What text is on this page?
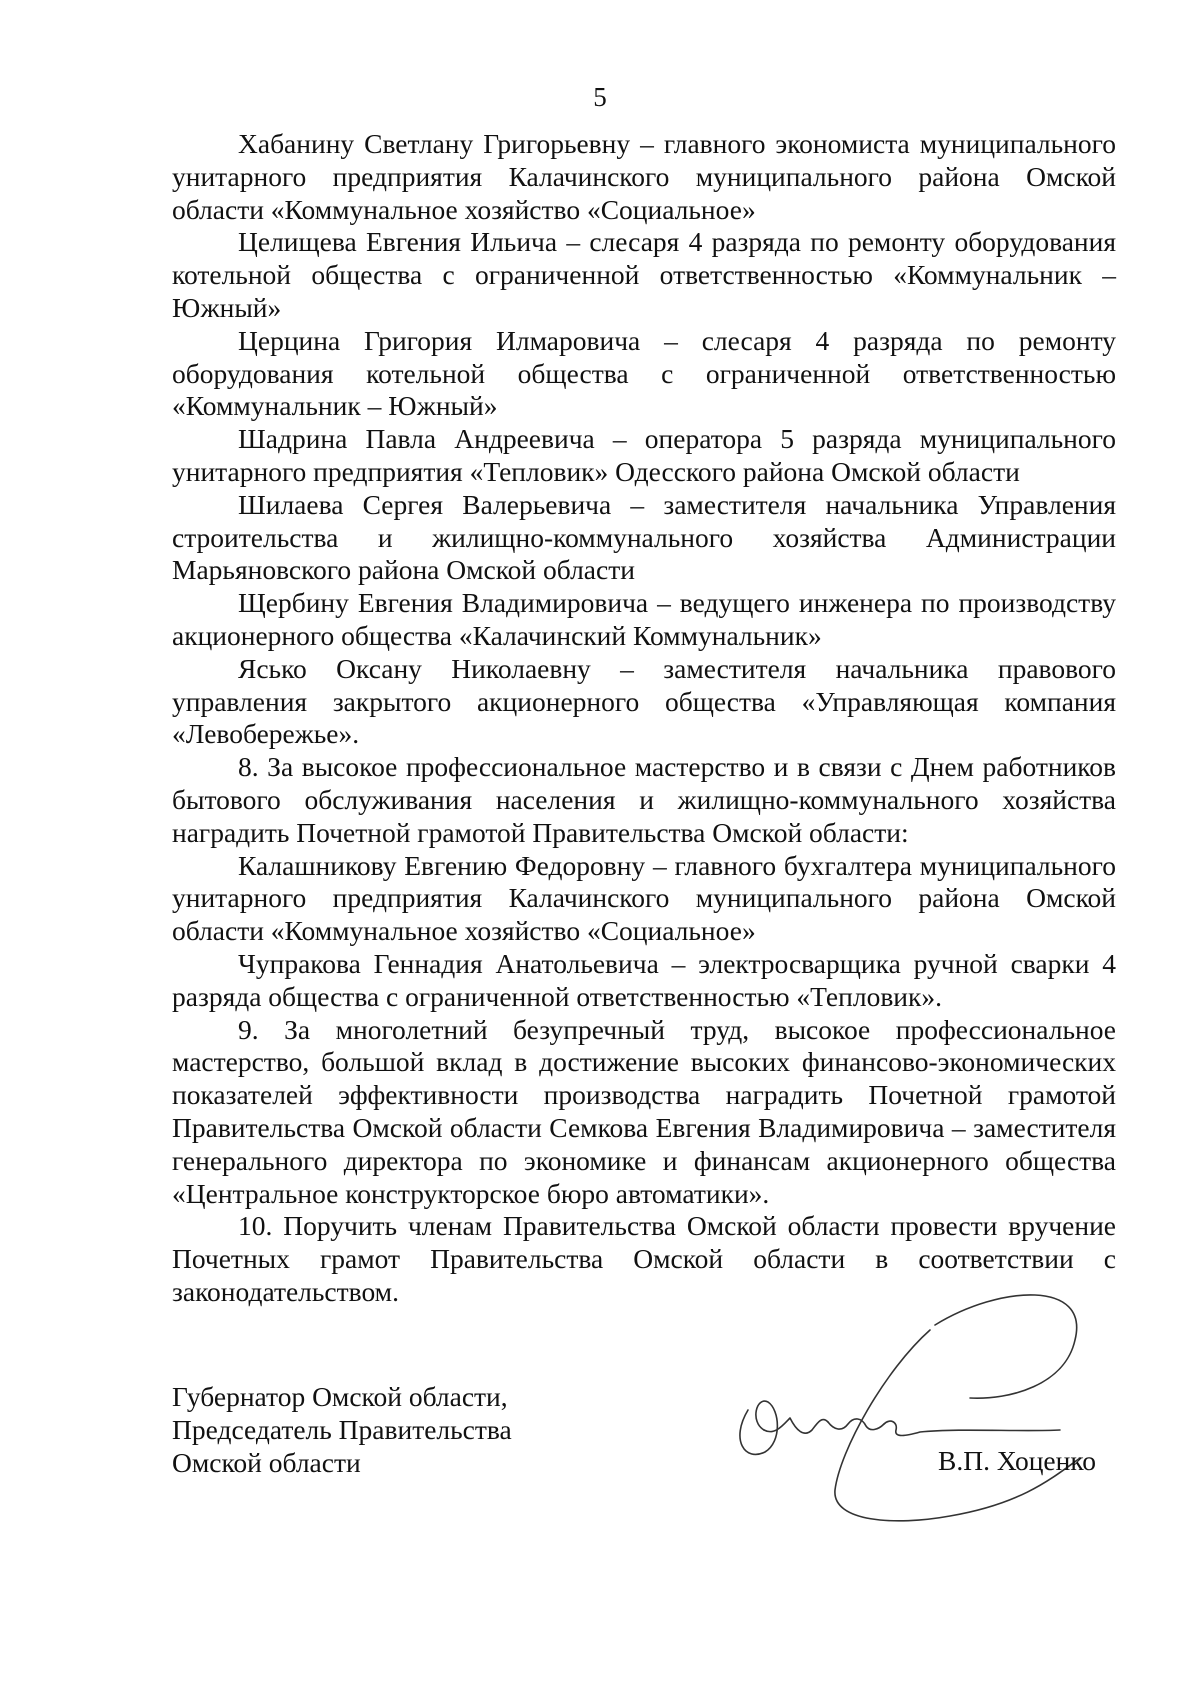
5

Хабанину Светлану Григорьевну – главного экономиста муниципального унитарного предприятия Калачинского муниципального района Омской области «Коммунальное хозяйство «Социальное»

Целищева Евгения Ильича – слесаря 4 разряда по ремонту оборудования котельной общества с ограниченной ответственностью «Коммунальник – Южный»

Церцина Григория Илмаровича – слесаря 4 разряда по ремонту оборудования котельной общества с ограниченной ответственностью «Коммунальник – Южный»

Шадрина Павла Андреевича – оператора 5 разряда муниципального унитарного предприятия «Тепловик» Одесского района Омской области

Шилаева Сергея Валерьевича – заместителя начальника Управления строительства и жилищно-коммунального хозяйства Администрации Марьяновского района Омской области

Щербину Евгения Владимировича – ведущего инженера по производству акционерного общества «Калачинский Коммунальник»

Ясько Оксану Николаевну – заместителя начальника правового управления закрытого акционерного общества «Управляющая компания «Левобережье».

8. За высокое профессиональное мастерство и в связи с Днем работников бытового обслуживания населения и жилищно-коммунального хозяйства наградить Почетной грамотой Правительства Омской области:

Калашникову Евгению Федоровну – главного бухгалтера муниципального унитарного предприятия Калачинского муниципального района Омской области «Коммунальное хозяйство «Социальное»

Чупракова Геннадия Анатольевича – электросварщика ручной сварки 4 разряда общества с ограниченной ответственностью «Тепловик».

9. За многолетний безупречный труд, высокое профессиональное мастерство, большой вклад в достижение высоких финансово-экономических показателей эффективности производства наградить Почетной грамотой Правительства Омской области Семкова Евгения Владимировича – заместителя генерального директора по экономике и финансам акционерного общества «Центральное конструкторское бюро автоматики».

10. Поручить членам Правительства Омской области провести вручение Почетных грамот Правительства Омской области в соответствии с законодательством.

Губернатор Омской области,
Председатель Правительства
Омской области	В.П. Хоценко
